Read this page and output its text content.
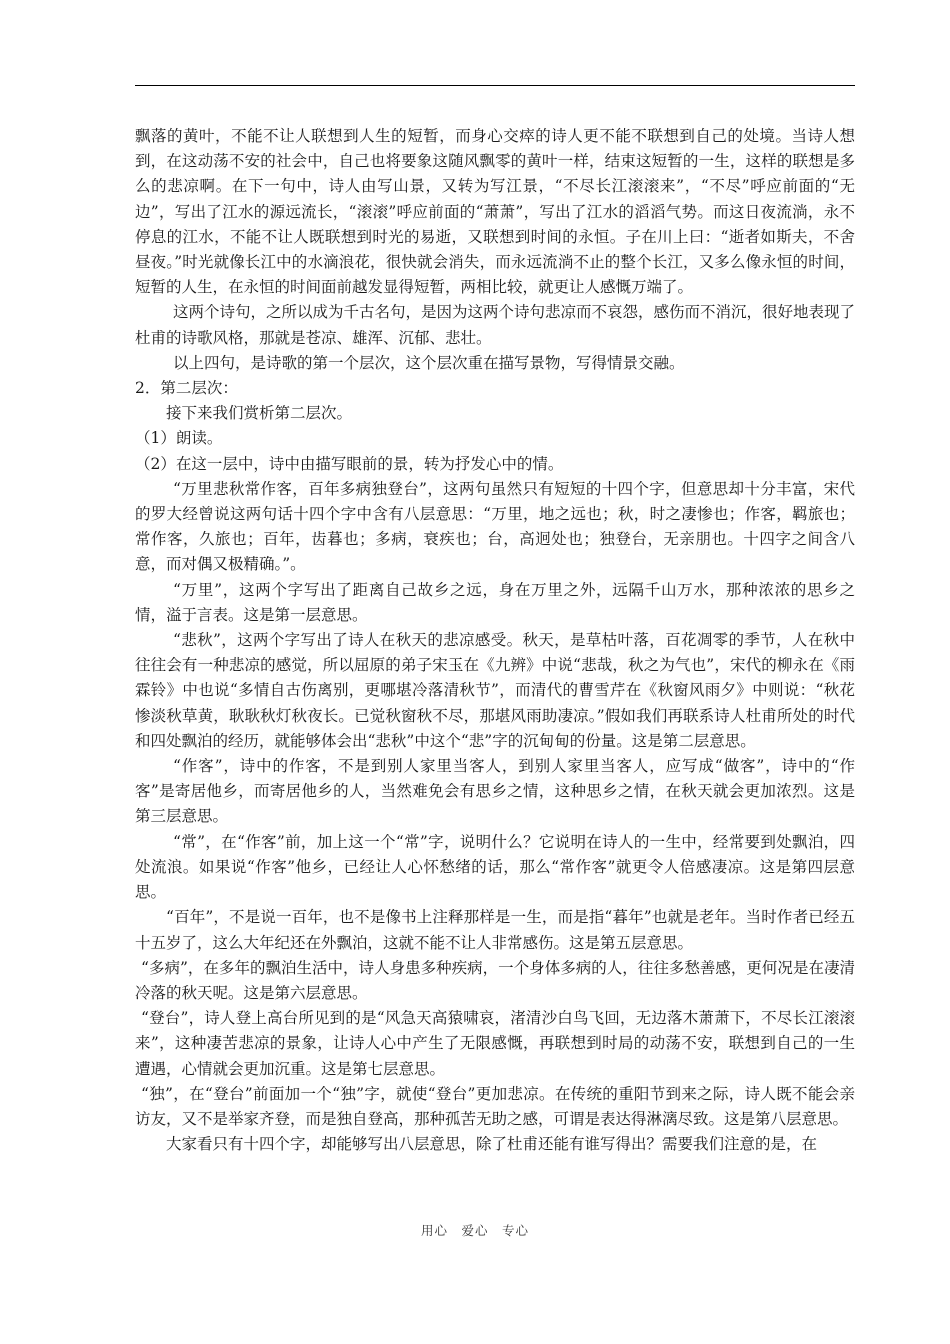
飘落的黄叶，不能不让人联想到人生的短暂，而身心交瘁的诗人更不能不联想到自己的处境。当诗人想到，在这动荡不安的社会中，自己也将要象这随风飘零的黄叶一样，结束这短暂的一生，这样的联想是多么的悲凉啊。在下一句中，诗人由写山景，又转为写江景，“不尽长江滚滚来”，“不尽”呼应前面的“无边”，写出了江水的源远流长，“滚滚”呼应前面的“萧萧”，写出了江水的滔滔气势。而这日夜流淌，永不停息的江水，不能不让人既联想到时光的易逝，又联想到时间的永恒。子在川上曰：“逝者如斯夫，不舍昼夜。”时光就像长江中的水滴浪花，很快就会消失，而永远流淌不止的整个长江，又多么像永恒的时间，短暂的人生，在永恒的时间面前越发显得短暂，两相比较，就更让人感慨万端了。

这两个诗句，之所以成为千古名句，是因为这两个诗句悲凉而不哀怨，感伤而不消沉，很好地表现了杜甫的诗歌风格，那就是苍凉、雄浑、沉郁、悲壮。

以上四句，是诗歌的第一个层次，这个层次重在描写景物，写得情景交融。

2．第二层次：

接下来我们赏析第二层次。

（1）朗读。

（2）在这一层中，诗中由描写眼前的景，转为抒发心中的情。

“万里悲秋常作客，百年多病独登台”，这两句虽然只有短短的十四个字，但意思却十分丰富，宋代的罗大经曾说这两句话十四个字中含有八层意思：“万里，地之远也；秋，时之凄惨也；作客，羁旅也；常作客，久旅也；百年，齿暮也；多病，衰疾也；台，高迥处也；独登台，无亲朋也。十四字之间含八意，而对偶又极精确。”。

“万里”，这两个字写出了距离自己故乡之远，身在万里之外，远隔千山万水，那种浓浓的思乡之情，溢于言表。这是第一层意思。

“悲秋”，这两个字写出了诗人在秋天的悲凉感受。秋天，是草枯叶落，百花凋零的季节，人在秋中往往会有一种悲凉的感觉，所以屈原的弟子宋玉在《九辨》中说“悲哉，秋之为气也”，宋代的柳永在《雨霖铃》中也说“多情自古伤离别，更哪堪冷落清秋节”，而清代的曹雪芹在《秋窗风雨夕》中则说：“秋花惨淡秋草黄，耿耿秋灯秋夜长。已觉秋窗秋不尽，那堪风雨助凄凉。”假如我们再联系诗人杜甫所处的时代和四处飘泊的经历，就能够体会出“悲秋”中这个“悲”字的沉甸甸的份量。这是第二层意思。

“作客”，诗中的作客，不是到别人家里当客人，到别人家里当客人，应写成“做客”，诗中的“作客”是寄居他乡，而寄居他乡的人，当然难免会有思乡之情，这种思乡之情，在秋天就会更加浓烈。这是第三层意思。

“常”，在“作客”前，加上这一个“常”字，说明什么？它说明在诗人的一生中，经常要到处飘泊，四处流浪。如果说“作客”他乡，已经让人心怀愁绪的话，那么“常作客”就更令人倍感凄凉。这是第四层意思。

“百年”，不是说一百年，也不是像书上注释那样是一生，而是指“暮年”也就是老年。当时作者已经五十五岁了，这么大年纪还在外飘泊，这就不能不让人非常感伤。这是第五层意思。

“多病”，在多年的飘泊生活中，诗人身患多种疾病，一个身体多病的人，往往多愁善感，更何况是在凄清冷落的秋天呢。这是第六层意思。

“登台”，诗人登上高台所见到的是“风急天高猿啸哀，渚清沙白鸟飞回，无边落木萧萧下，不尽长江滚滚来”，这种凄苦悲凉的景象，让诗人心中产生了无限感慨，再联想到时局的动荡不安，联想到自己的一生遭遇，心情就会更加沉重。这是第七层意思。

“独”，在“登台”前面加一个“独”字，就使“登台”更加悲凉。在传统的重阳节到来之际，诗人既不能会亲访友，又不是举家齐登，而是独自登高，那种孤苦无助之感，可谓是表达得淋漓尽致。这是第八层意思。

大家看只有十四个字，却能够写出八层意思，除了杜甫还能有谁写得出？需要我们注意的是，在

用心　爱心　专心
